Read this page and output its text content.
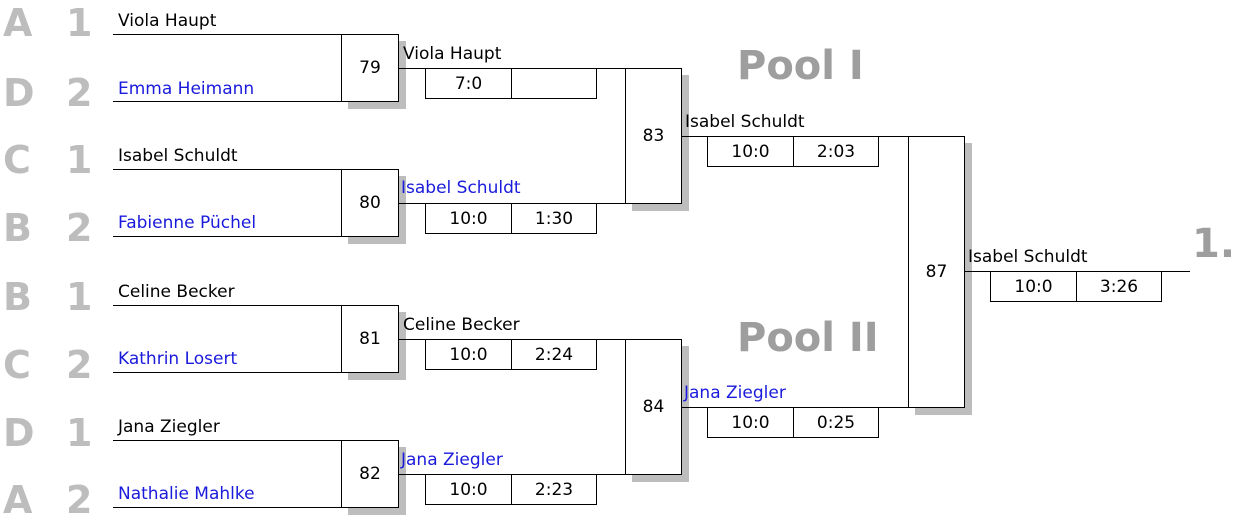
Pool I
Pool II
1.
A 1 Viola Haupt
D 2 Emma Heimann
79
Viola Haupt
7:0
C 1 Isabel Schuldt
B 2 Fabienne Püchel
80
Isabel Schuldt
10:0	1:30
B 1 Celine Becker
C 2 Kathrin Losert
81
Celine Becker
10:0	2:24
D 1 Jana Ziegler
A 2 Nathalie Mahlke
82
Jana Ziegler
10:0	2:23
83
Isabel Schuldt
10:0	2:03
84
Jana Ziegler
10:0	0:25
87
Isabel Schuldt
10:0	3:26
